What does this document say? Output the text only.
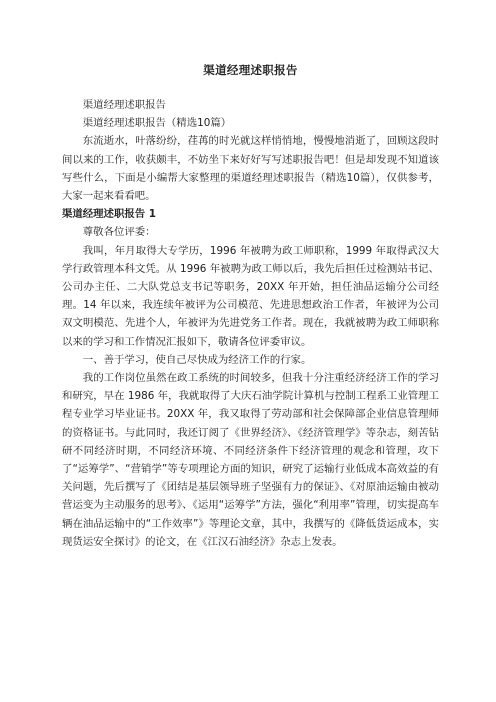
渠道经理述职报告

渠道经理述职报告

渠道经理述职报告（精选10篇）

东流逝水，叶落纷纷，荏苒的时光就这样悄悄地，慢慢地消逝了，回顾这段时间以来的工作，收获颇丰，不妨坐下来好好写写述职报告吧！但是却发现不知道该写些什么，下面是小编帮大家整理的渠道经理述职报告（精选10篇），仅供参考，大家一起来看看吧。

渠道经理述职报告 1

尊敬各位评委：

我叫，年月取得大专学历，1996 年被聘为政工师职称，1999 年取得武汉大学行政管理本科文凭。从 1996 年被聘为政工师以后，我先后担任过检测站书记、公司办主任、二大队党总支书记等职务，20XX 年开始，担任油品运输分公司经理。14 年以来，我连续年被评为公司模范、先进思想政治工作者，年被评为公司双文明模范、先进个人，年被评为先进党务工作者。现在，我就被聘为政工师职称以来的学习和工作情况汇报如下，敬请各位评委审议。

一、善于学习，使自己尽快成为经济工作的行家。

我的工作岗位虽然在政工系统的时间较多，但我十分注重经济经济工作的学习和研究，早在 1986 年，我就取得了大庆石油学院计算机与控制工程系工业管理工程专业学习毕业证书。20XX 年，我又取得了劳动部和社会保障部企业信息管理师的资格证书。与此同时，我还订阅了《世界经济》、《经济管理学》等杂志，刻苦钻研不同经济时期，不同经济环境、不同经济条件下经济管理的观念和管理，攻下了“运筹学”、“营销学”等专项理论方面的知识，研究了运输行业低成本高效益的有关问题，先后撰写了《团结是基层领导班子坚强有力的保证》、《对原油运输由被动营运变为主动服务的思考》、《运用“运筹学”方法，强化“利用率”管理，切实提高车辆在油品运输中的“工作效率”》等理论文章，其中，我撰写的《降低货运成本，实现货运安全探讨》的论文，在《江汉石油经济》杂志上发表。
